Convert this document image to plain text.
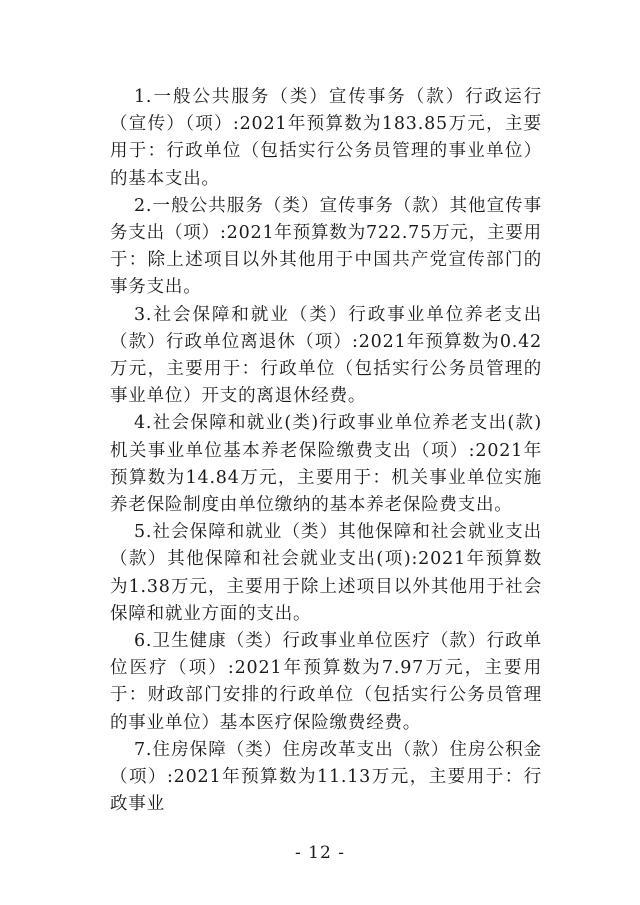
1.一般公共服务（类）宣传事务（款）行政运行（宣传）（项）:2021年预算数为183.85万元，主要用于：行政单位（包括实行公务员管理的事业单位）的基本支出。

2.一般公共服务（类）宣传事务（款）其他宣传事务支出（项）:2021年预算数为722.75万元，主要用于：除上述项目以外其他用于中国共产党宣传部门的事务支出。

3.社会保障和就业（类）行政事业单位养老支出（款）行政单位离退休（项）:2021年预算数为0.42万元，主要用于：行政单位（包括实行公务员管理的事业单位）开支的离退休经费。

4.社会保障和就业(类)行政事业单位养老支出(款)　机关事业单位基本养老保险缴费支出（项）:2021年预算数为14.84万元，主要用于：机关事业单位实施养老保险制度由单位缴纳的基本养老保险费支出。

5.社会保障和就业（类）其他保障和社会就业支出（款）其他保障和社会就业支出(项):2021年预算数为1.38万元，主要用于除上述项目以外其他用于社会保障和就业方面的支出。

6.卫生健康（类）行政事业单位医疗（款）行政单位医疗（项）:2021年预算数为7.97万元，主要用于：财政部门安排的行政单位（包括实行公务员管理的事业单位）基本医疗保险缴费经费。

7.住房保障（类）住房改革支出（款）住房公积金（项）:2021年预算数为11.13万元，主要用于：行政事业

- 12 -
